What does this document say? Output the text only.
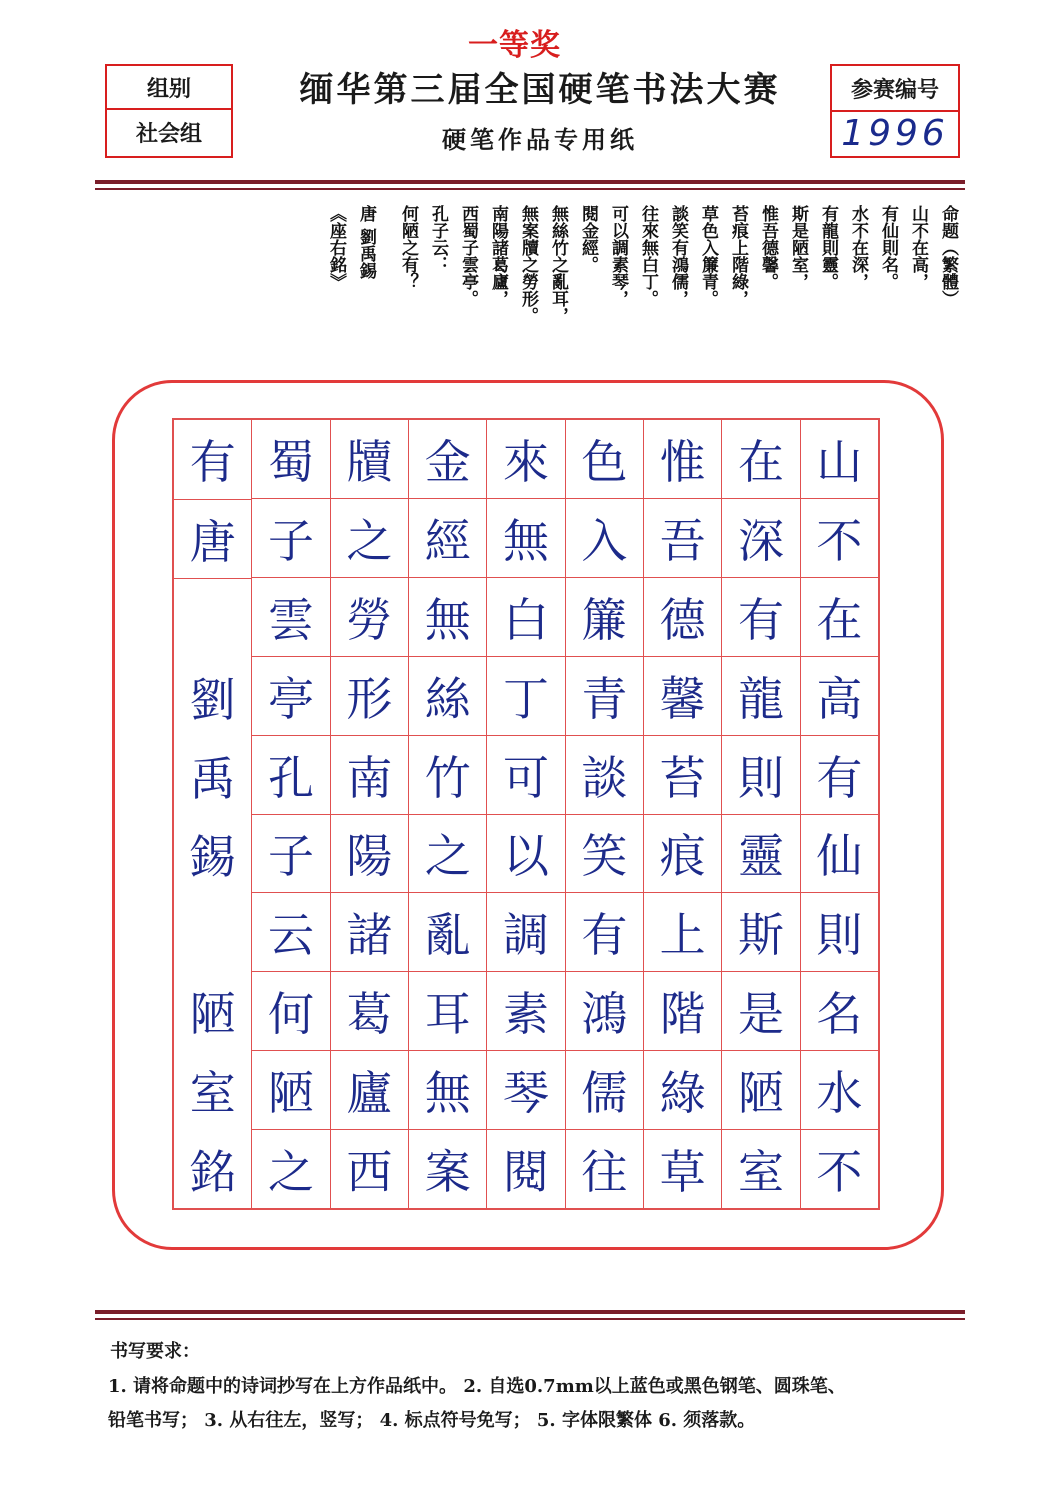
一等奖
组别
社会组
缅华第三届全国硬笔书法大赛
硬笔作品专用纸
参赛编号
1996
命题（繁體）
山不在高，
有仙則名。
水不在深，
有龍則靈。
斯是陋室，
惟吾德馨。
苔痕上階綠，
草色入簾青。
談笑有鴻儒，
往來無白丁。
可以調素琴，
閱金經。
無絲竹之亂耳，
無案牘之勞形。
南陽諸葛廬，
西蜀子雲亭。
孔子云：
何陋之有？
唐 劉禹錫
《座右銘》
山
不
在
高
有
仙
則
名
水
不
在
深
有
龍
則
靈
斯
是
陋
室
惟
吾
德
馨
苔
痕
上
階
綠
草
色
入
簾
青
談
笑
有
鴻
儒
往
來
無
白
丁
可
以
調
素
琴
閱
金
經
無
絲
竹
之
亂
耳
無
案
牘
之
勞
形
南
陽
諸
葛
廬
西
蜀
子
雲
亭
孔
子
云
何
陋
之
有
唐
劉
禹
錫
陋
室
銘
书写要求：
1. 请将命题中的诗词抄写在上方作品纸中。 2. 自选0.7mm以上蓝色或黑色钢笔、圆珠笔、
铅笔书写； 3. 从右往左，竖写； 4. 标点符号免写； 5. 字体限繁体 6. 须落款。
